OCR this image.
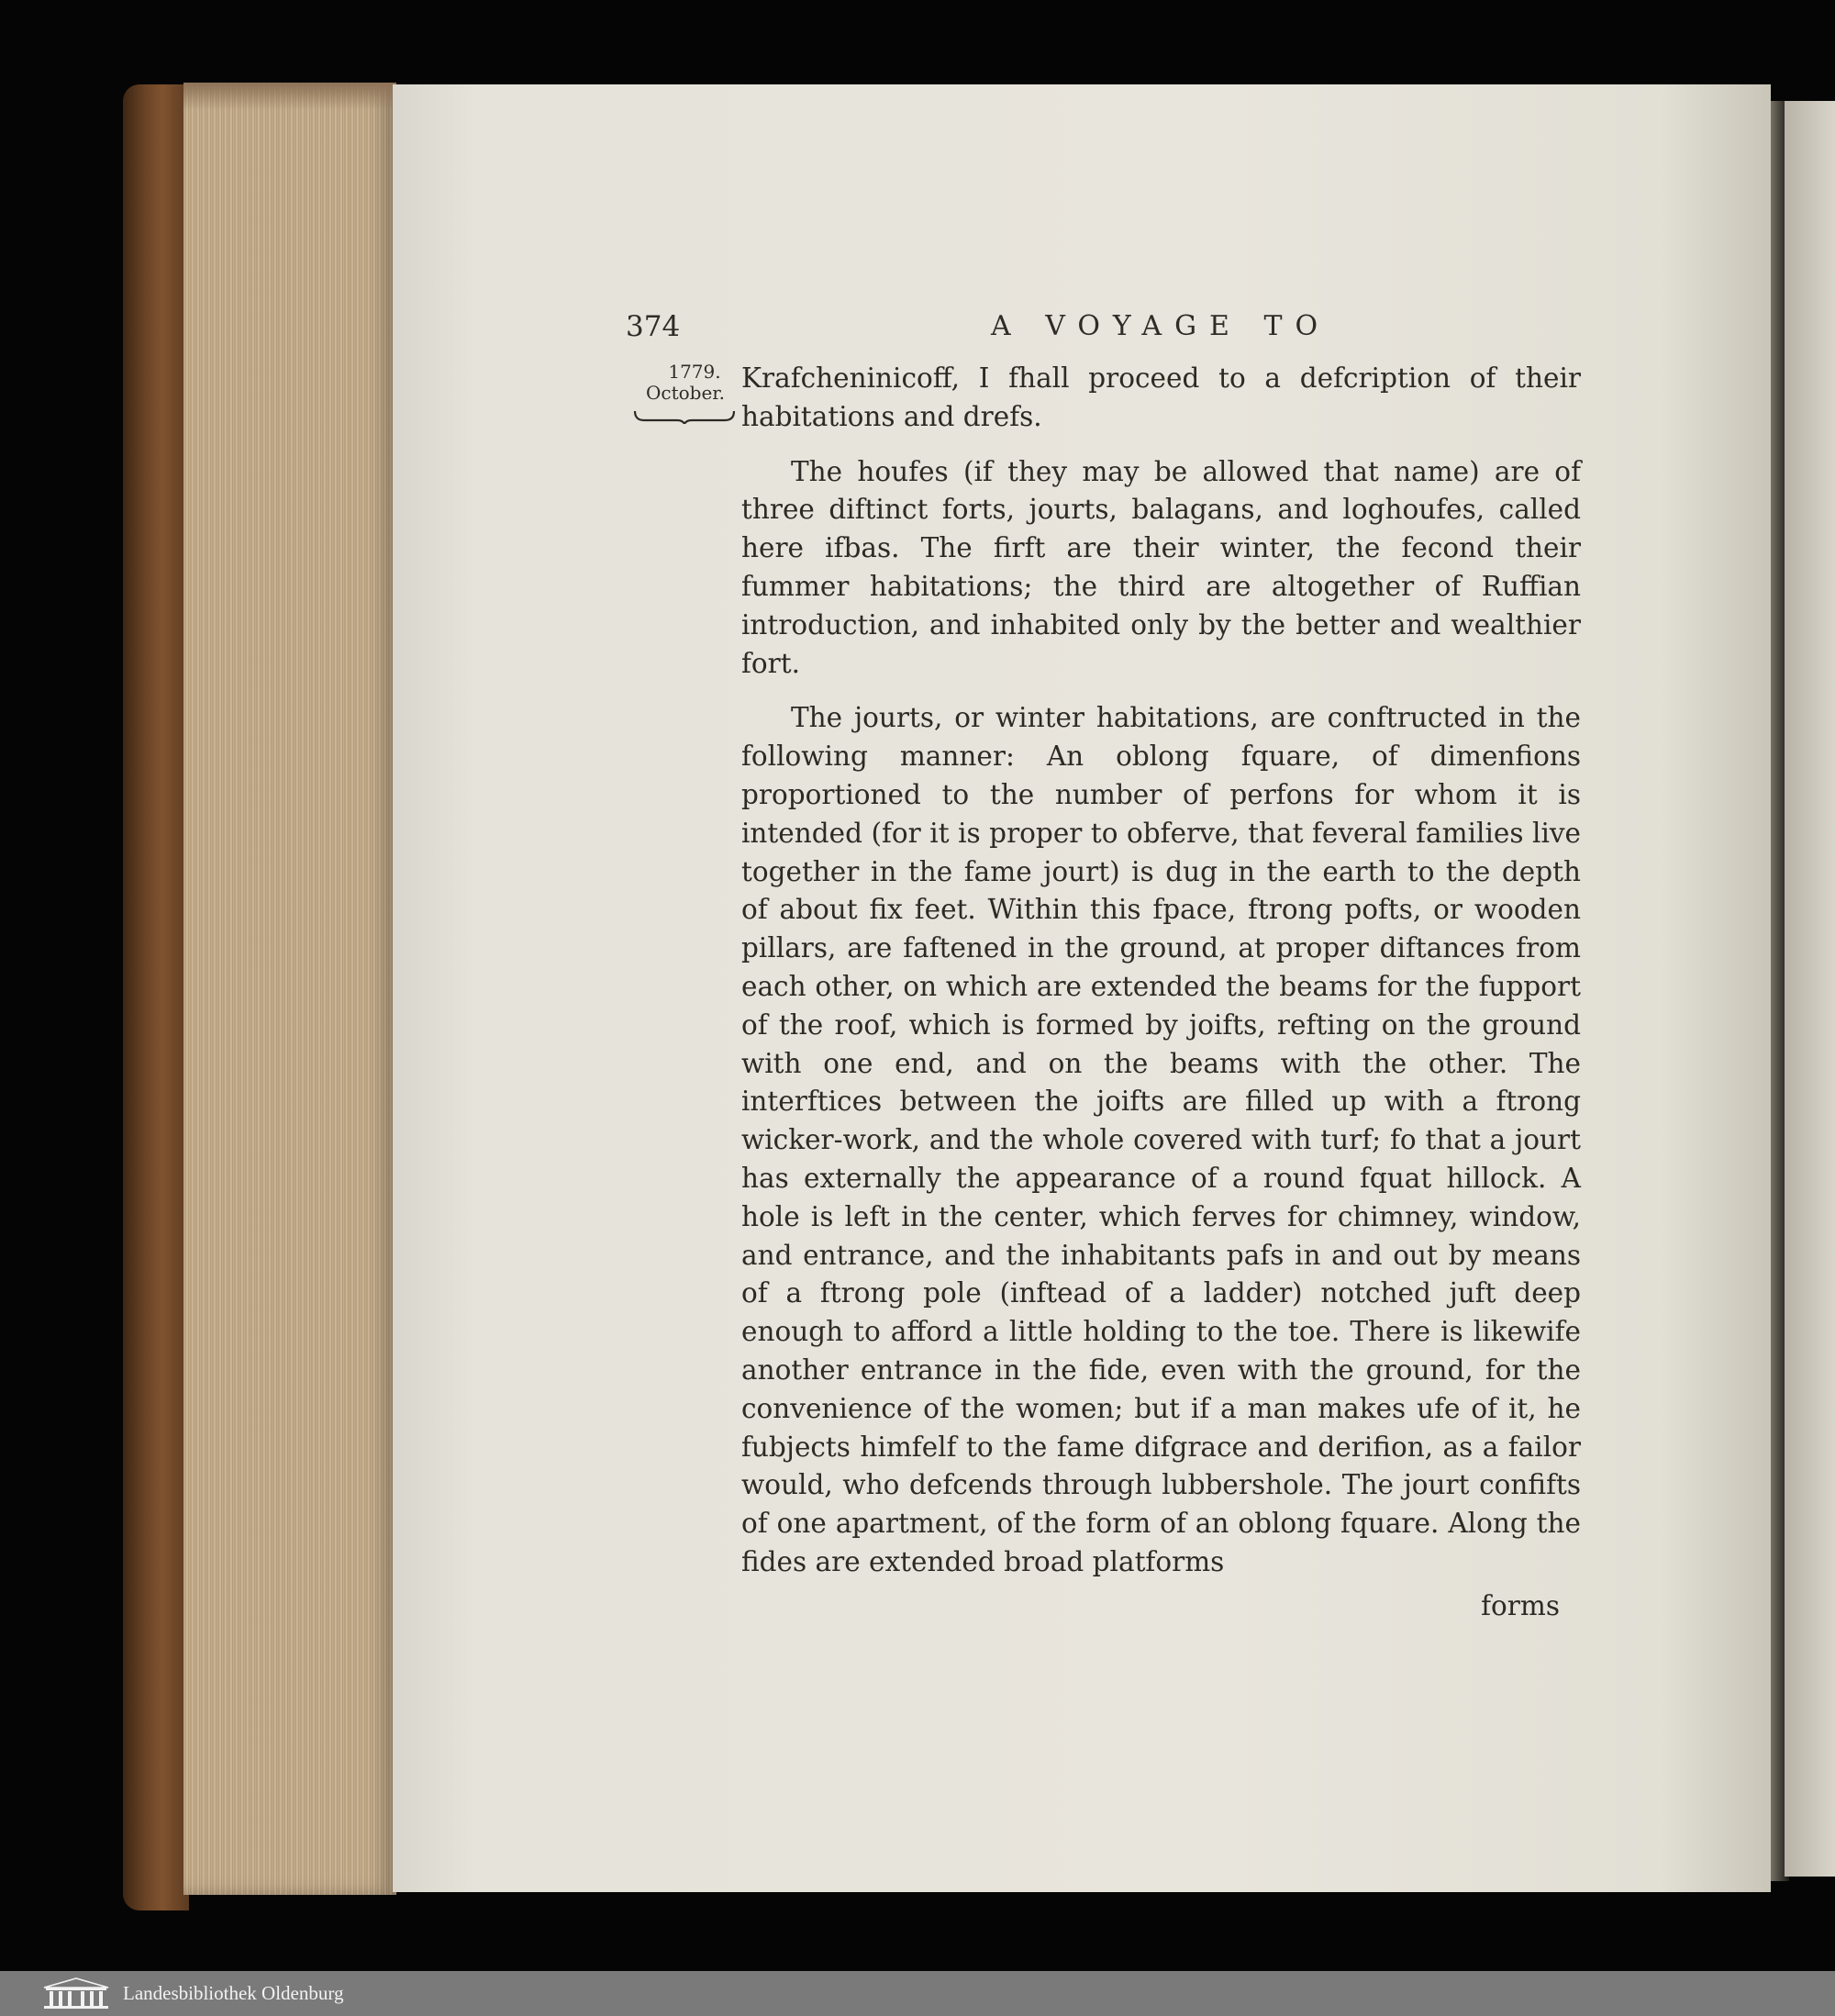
374	A VOYAGE TO
1779.
October. Krafcheninicoff, I fhall proceed to a defcription of their habitations and drefs.

The houfes (if they may be allowed that name) are of three diftinct forts, jourts, balagans, and loghoufes, called here ifbas. The firft are their winter, the fecond their fummer habitations; the third are altogether of Ruffian introduction, and inhabited only by the better and wealthier fort.

The jourts, or winter habitations, are conftructed in the following manner: An oblong fquare, of dimenfions proportioned to the number of perfons for whom it is intended (for it is proper to obferve, that feveral families live together in the fame jourt) is dug in the earth to the depth of about fix feet. Within this fpace, ftrong pofts, or wooden pillars, are faftened in the ground, at proper diftances from each other, on which are extended the beams for the fupport of the roof, which is formed by joifts, refting on the ground with one end, and on the beams with the other. The interftices between the joifts are filled up with a ftrong wicker-work, and the whole covered with turf; fo that a jourt has externally the appearance of a round fquat hillock. A hole is left in the center, which ferves for chimney, window, and entrance, and the inhabitants pafs in and out by means of a ftrong pole (inftead of a ladder) notched juft deep enough to afford a little holding to the toe. There is likewife another entrance in the fide, even with the ground, for the convenience of the women; but if a man makes ufe of it, he fubjects himfelf to the fame difgrace and derifion, as a failor would, who defcends through lubbershole. The jourt confifts of one apartment, of the form of an oblong fquare. Along the fides are extended broad platforms

forms
Landesbibliothek Oldenburg
